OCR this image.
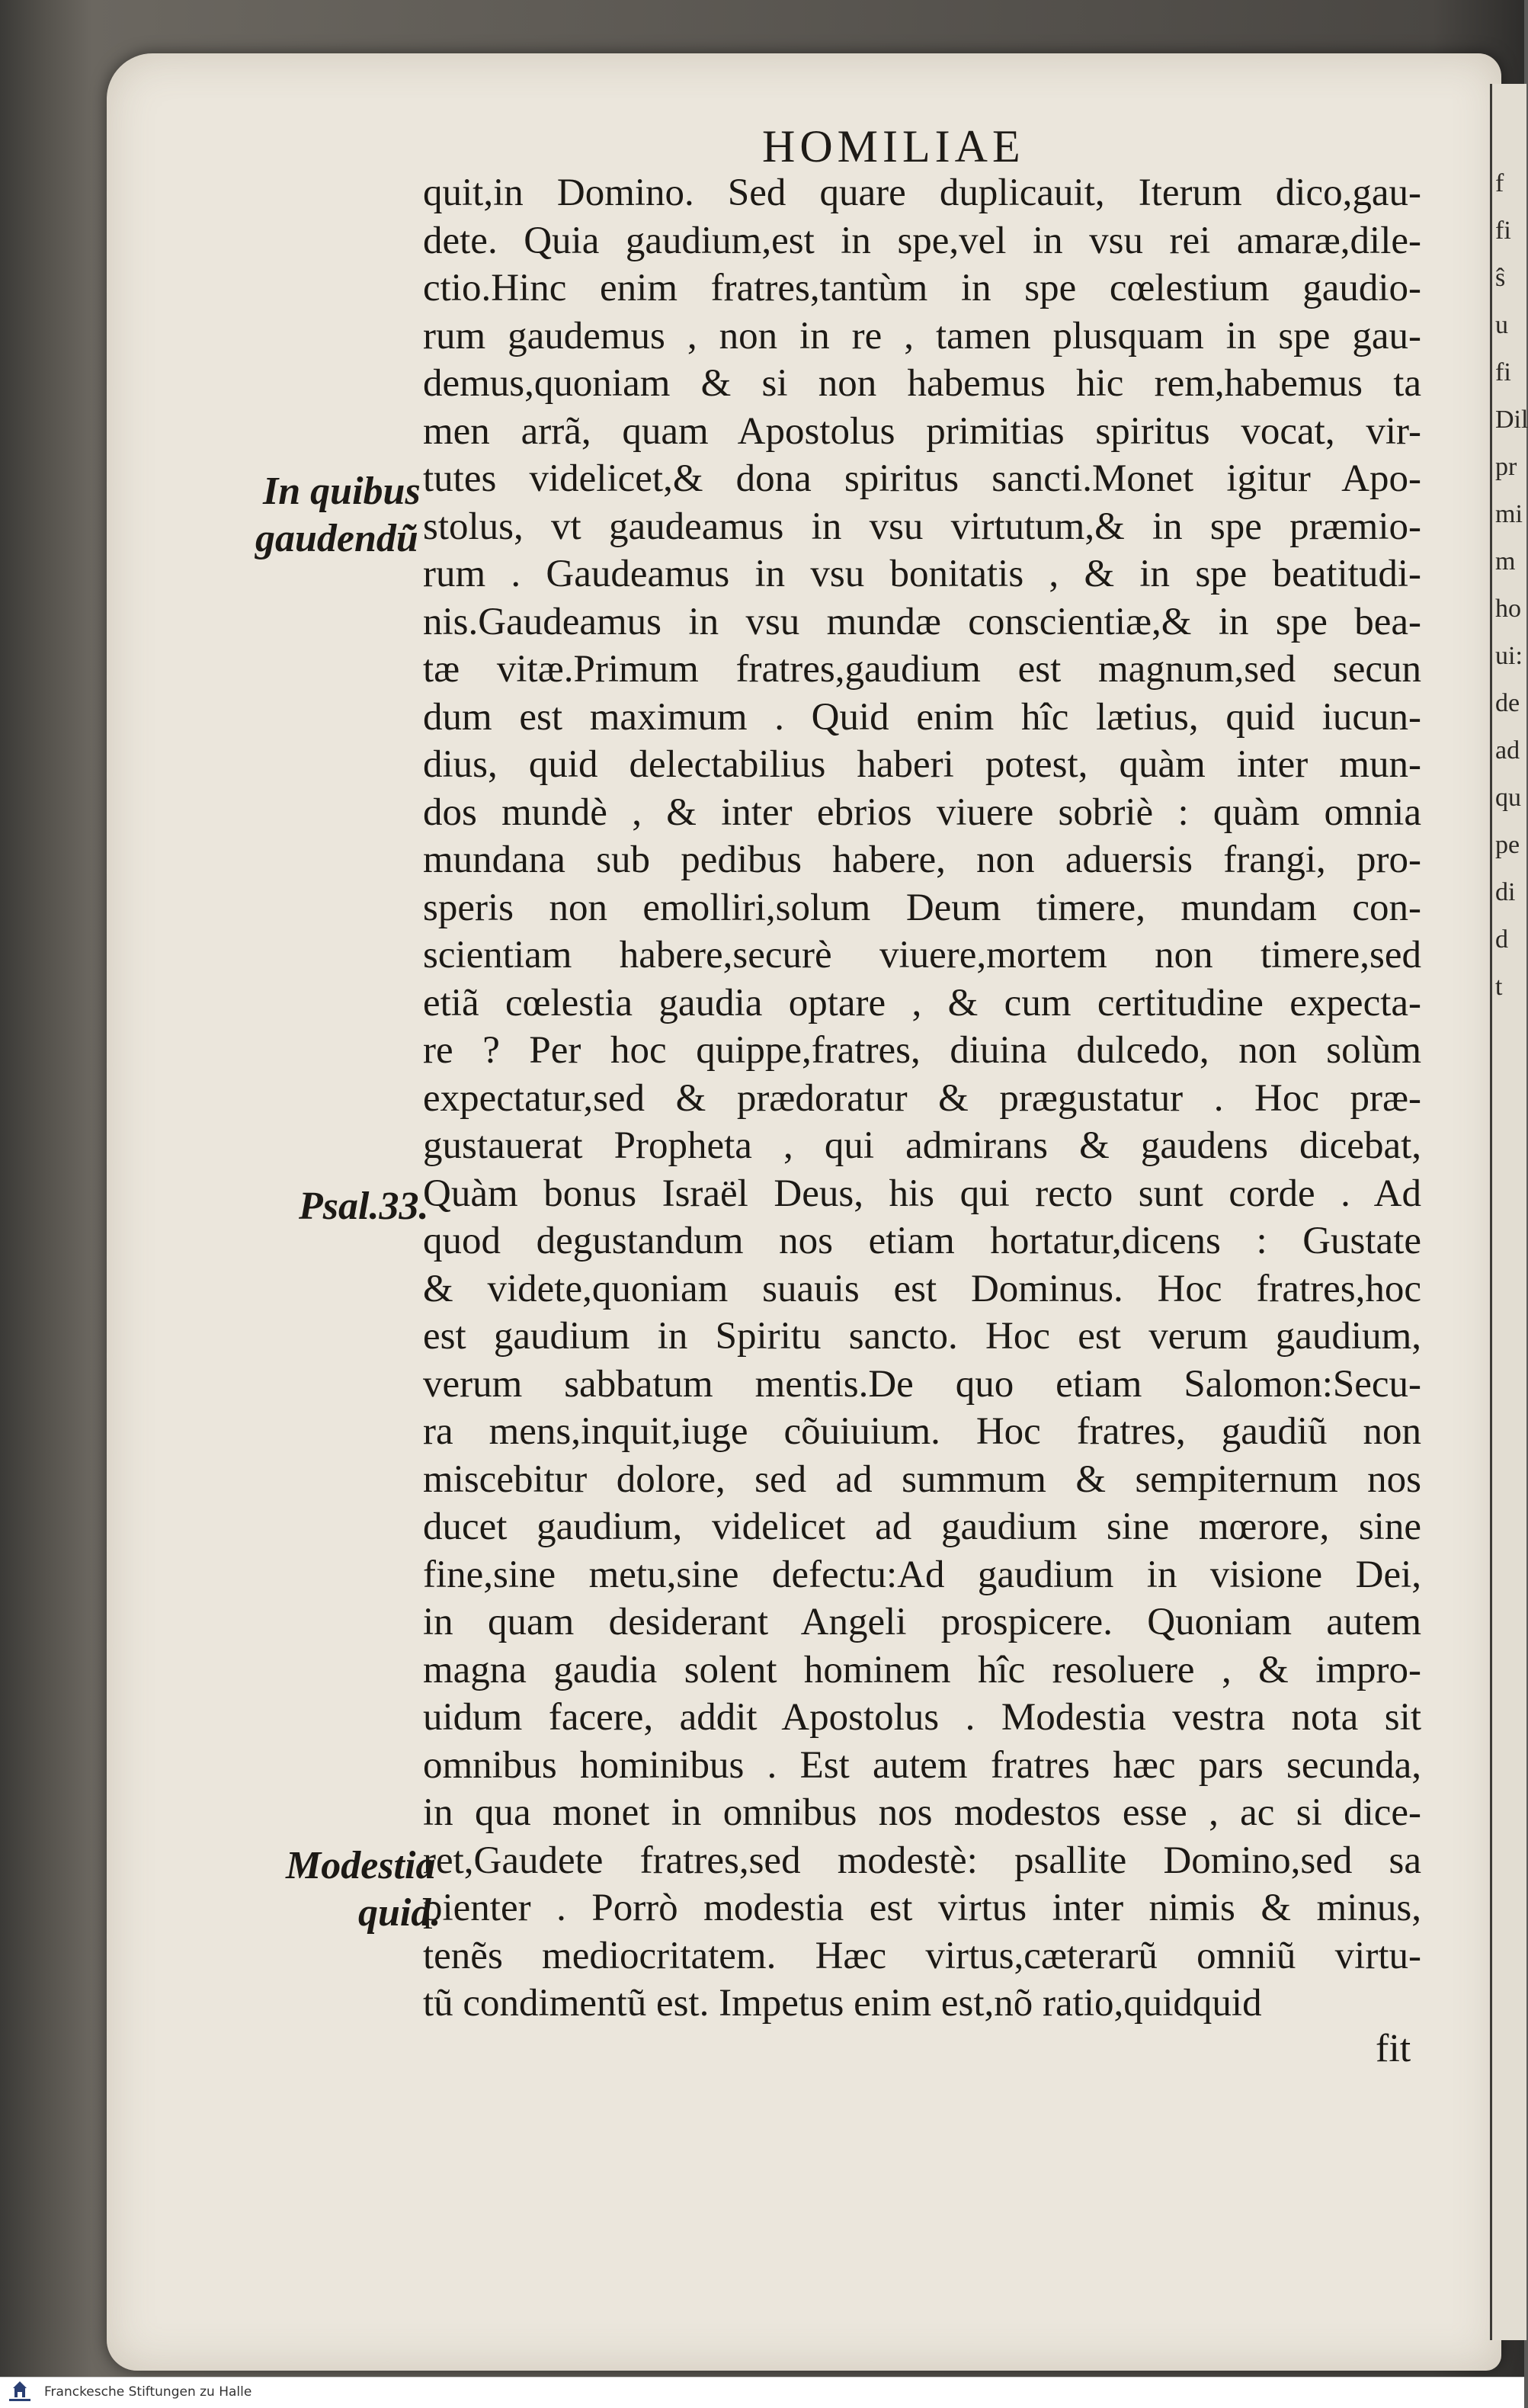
f
fi
ŝ
u
fi
Dil
pr
mi
m
ho
ui:
de
ad
qu
pe
di
d
t
HOMILIAE
quit,in Domino. Sed quare duplicauit, Iterum dico,gau-
dete. Quia gaudium,est in spe,vel in vsu rei amaræ,dile-
ctio.Hinc enim fratres,tantùm in spe cœlestium gaudio-
rum gaudemus , non in re , tamen plusquam in spe gau-
demus,quoniam & si non habemus hic rem,habemus ta
men arrã, quam Apostolus primitias spiritus vocat, vir-
tutes videlicet,& dona spiritus sancti.Monet igitur Apo-
stolus, vt gaudeamus in vsu virtutum,& in spe præmio-
rum . Gaudeamus in vsu bonitatis , & in spe beatitudi-
nis.Gaudeamus in vsu mundæ conscientiæ,& in spe bea-
tæ vitæ.Primum fratres,gaudium est magnum,sed secun
dum est maximum . Quid enim hîc lætius, quid iucun-
dius, quid delectabilius haberi potest, quàm inter mun-
dos mundè , & inter ebrios viuere sobriè : quàm omnia
mundana sub pedibus habere, non aduersis frangi, pro-
speris non emolliri,solum Deum timere, mundam con-
scientiam habere,securè viuere,mortem non timere,sed
etiã cœlestia gaudia optare , & cum certitudine expecta-
re ? Per hoc quippe,fratres, diuina dulcedo, non solùm
expectatur,sed & prædoratur & prægustatur . Hoc præ-
gustauerat Propheta , qui admirans & gaudens dicebat,
Quàm bonus Israël Deus, his qui recto sunt corde . Ad
quod degustandum nos etiam hortatur,dicens : Gustate
& videte,quoniam suauis est Dominus. Hoc fratres,hoc
est gaudium in Spiritu sancto. Hoc est verum gaudium,
verum sabbatum mentis.De quo etiam Salomon:Secu-
ra mens,inquit,iuge cõuiuium. Hoc fratres, gaudiũ non
miscebitur dolore, sed ad summum & sempiternum nos
ducet gaudium, videlicet ad gaudium sine mœrore, sine
fine,sine metu,sine defectu:Ad gaudium in visione Dei,
in quam desiderant Angeli prospicere. Quoniam autem
magna gaudia solent hominem hîc resoluere , & impro-
uidum facere, addit Apostolus . Modestia vestra nota sit
omnibus hominibus . Est autem fratres hæc pars secunda,
in qua monet in omnibus nos modestos esse , ac si dice-
ret,Gaudete fratres,sed modestè: psallite Domino,sed sa
pienter . Porrò modestia est virtus inter nimis & minus,
tenẽs mediocritatem. Hæc virtus,cæterarũ omniũ virtu-
tũ condimentũ est. Impetus enim est,nõ ratio,quidquid
In quibus
gaudendũ
Psal.33.
Modestia
quid.
fit
Franckesche Stiftungen zu Halle
